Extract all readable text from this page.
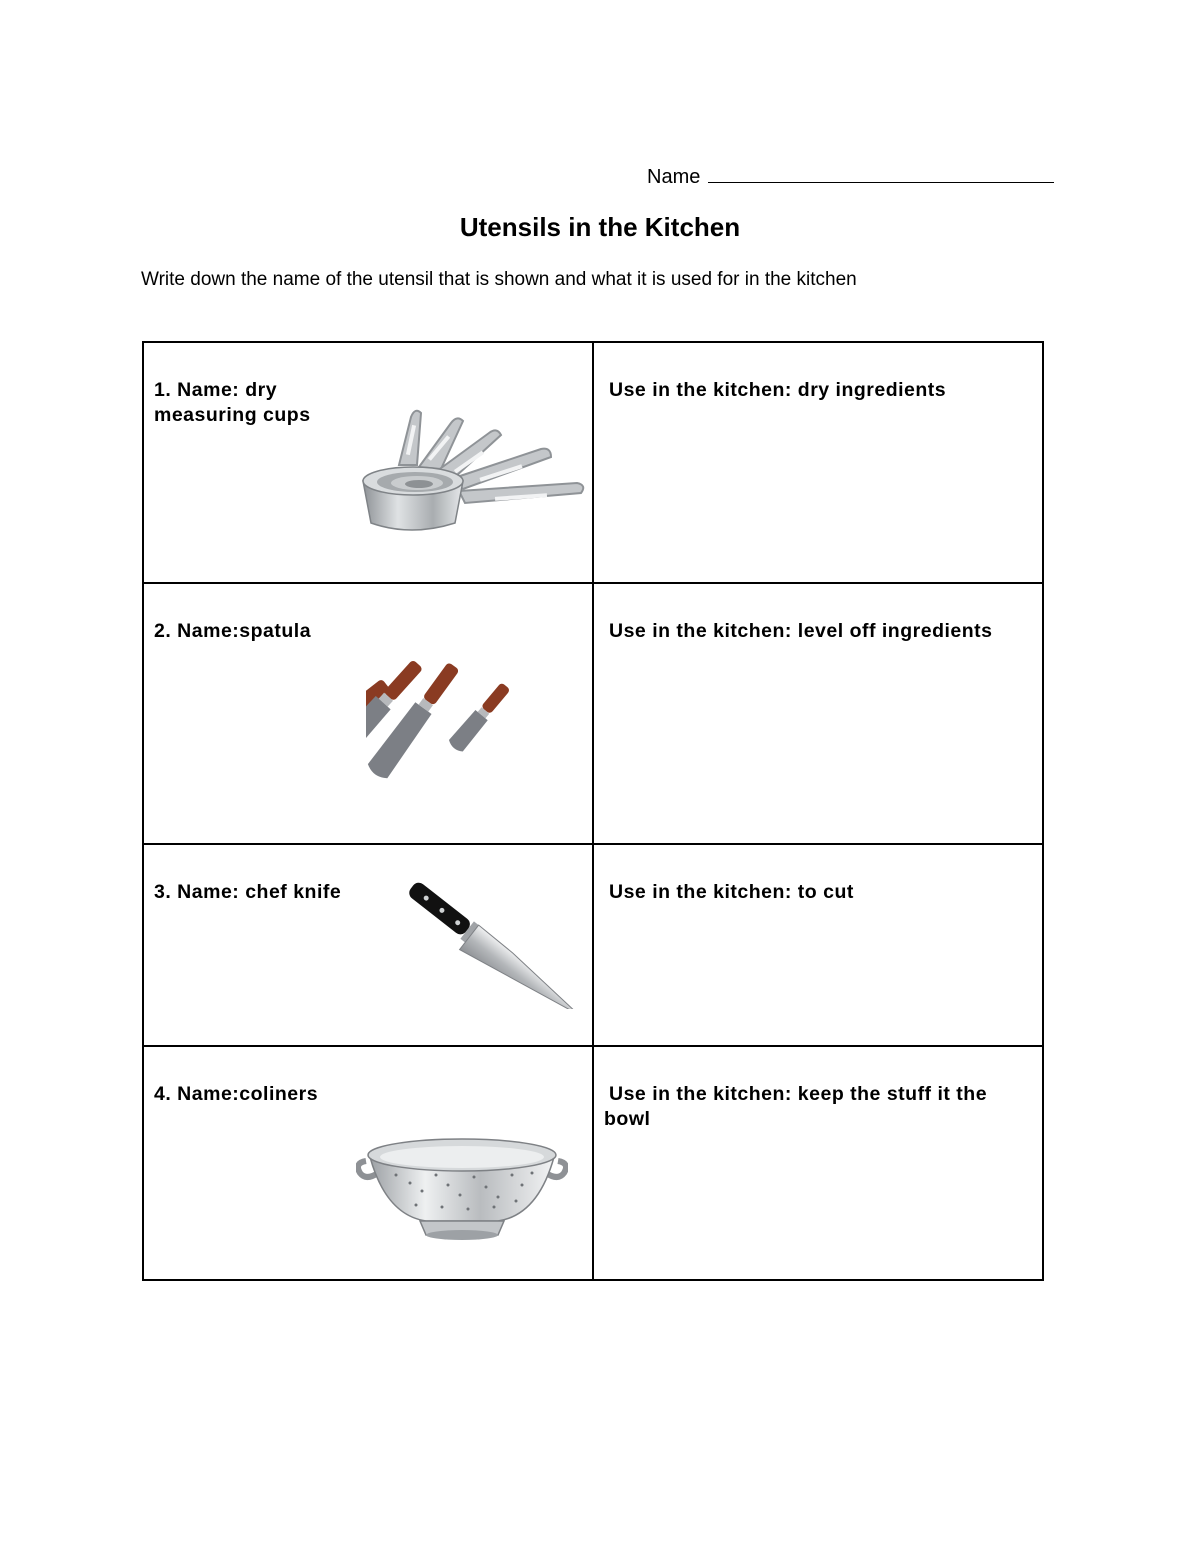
Name
Utensils in the Kitchen
Write down the name of the utensil that is shown and what it is used for in the kitchen
1. Name: dry measuring cups	Use in the kitchen: dry ingredients

2. Name:spatula	Use in the kitchen: level off ingredients

3. Name: chef knife	Use in the kitchen: to cut

4. Name:coliners	Use in the kitchen: keep the stuff it the bowl
